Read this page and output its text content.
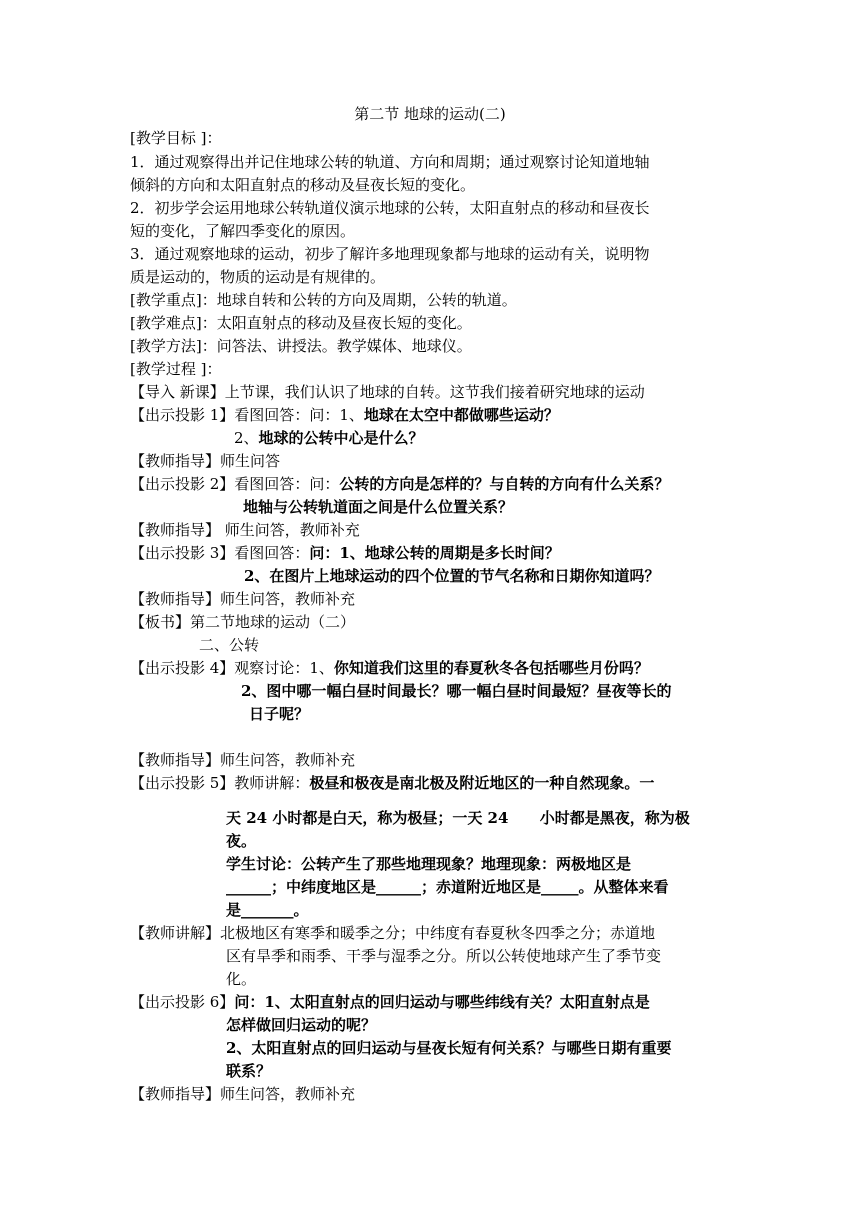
第二节 地球的运动(二)
[教学目标 ]：
1．通过观察得出并记住地球公转的轨道、方向和周期；通过观察讨论知道地轴
倾斜的方向和太阳直射点的移动及昼夜长短的变化。
2．初步学会运用地球公转轨道仪演示地球的公转，太阳直射点的移动和昼夜长
短的变化，了解四季变化的原因。
3．通过观察地球的运动，初步了解许多地理现象都与地球的运动有关，说明物
质是运动的，物质的运动是有规律的。
[教学重点]：地球自转和公转的方向及周期，公转的轨道。
[教学难点]：太阳直射点的移动及昼夜长短的变化。
[教学方法]：问答法、讲授法。教学媒体、地球仪。
[教学过程 ]：
【导入 新课】上节课，我们认识了地球的自转。这节我们接着研究地球的运动
【出示投影 1】看图回答：问：1、地球在太空中都做哪些运动？
2、地球的公转中心是什么？
【教师指导】师生问答
【出示投影 2】看图回答：问：公转的方向是怎样的？与自转的方向有什么关系？
地轴与公转轨道面之间是什么位置关系？
【教师指导】 师生问答，教师补充
【出示投影 3】看图回答：问：1、地球公转的周期是多长时间？
2、在图片上地球运动的四个位置的节气名称和日期你知道吗？
【教师指导】师生问答，教师补充
【板书】第二节地球的运动（二）
二、公转
【出示投影 4】观察讨论：1、你知道我们这里的春夏秋冬各包括哪些月份吗？
2、图中哪一幅白昼时间最长？哪一幅白昼时间最短？昼夜等长的
日子呢？
【教师指导】师生问答，教师补充
【出示投影 5】教师讲解：极昼和极夜是南北极及附近地区的一种自然现象。一
天 24 小时都是白天，称为极昼；一天 24      小时都是黑夜，称为极
夜。
学生讨论：公转产生了那些地理现象？地理现象：两极地区是
______；中纬度地区是______；赤道附近地区是_____。从整体来看
是_______。
【教师讲解】北极地区有寒季和暖季之分；中纬度有春夏秋冬四季之分；赤道地
区有旱季和雨季、干季与湿季之分。所以公转使地球产生了季节变
化。
【出示投影 6】问：1、太阳直射点的回归运动与哪些纬线有关？太阳直射点是
怎样做回归运动的呢？
2、太阳直射点的回归运动与昼夜长短有何关系？与哪些日期有重要
联系？
【教师指导】师生问答，教师补充
